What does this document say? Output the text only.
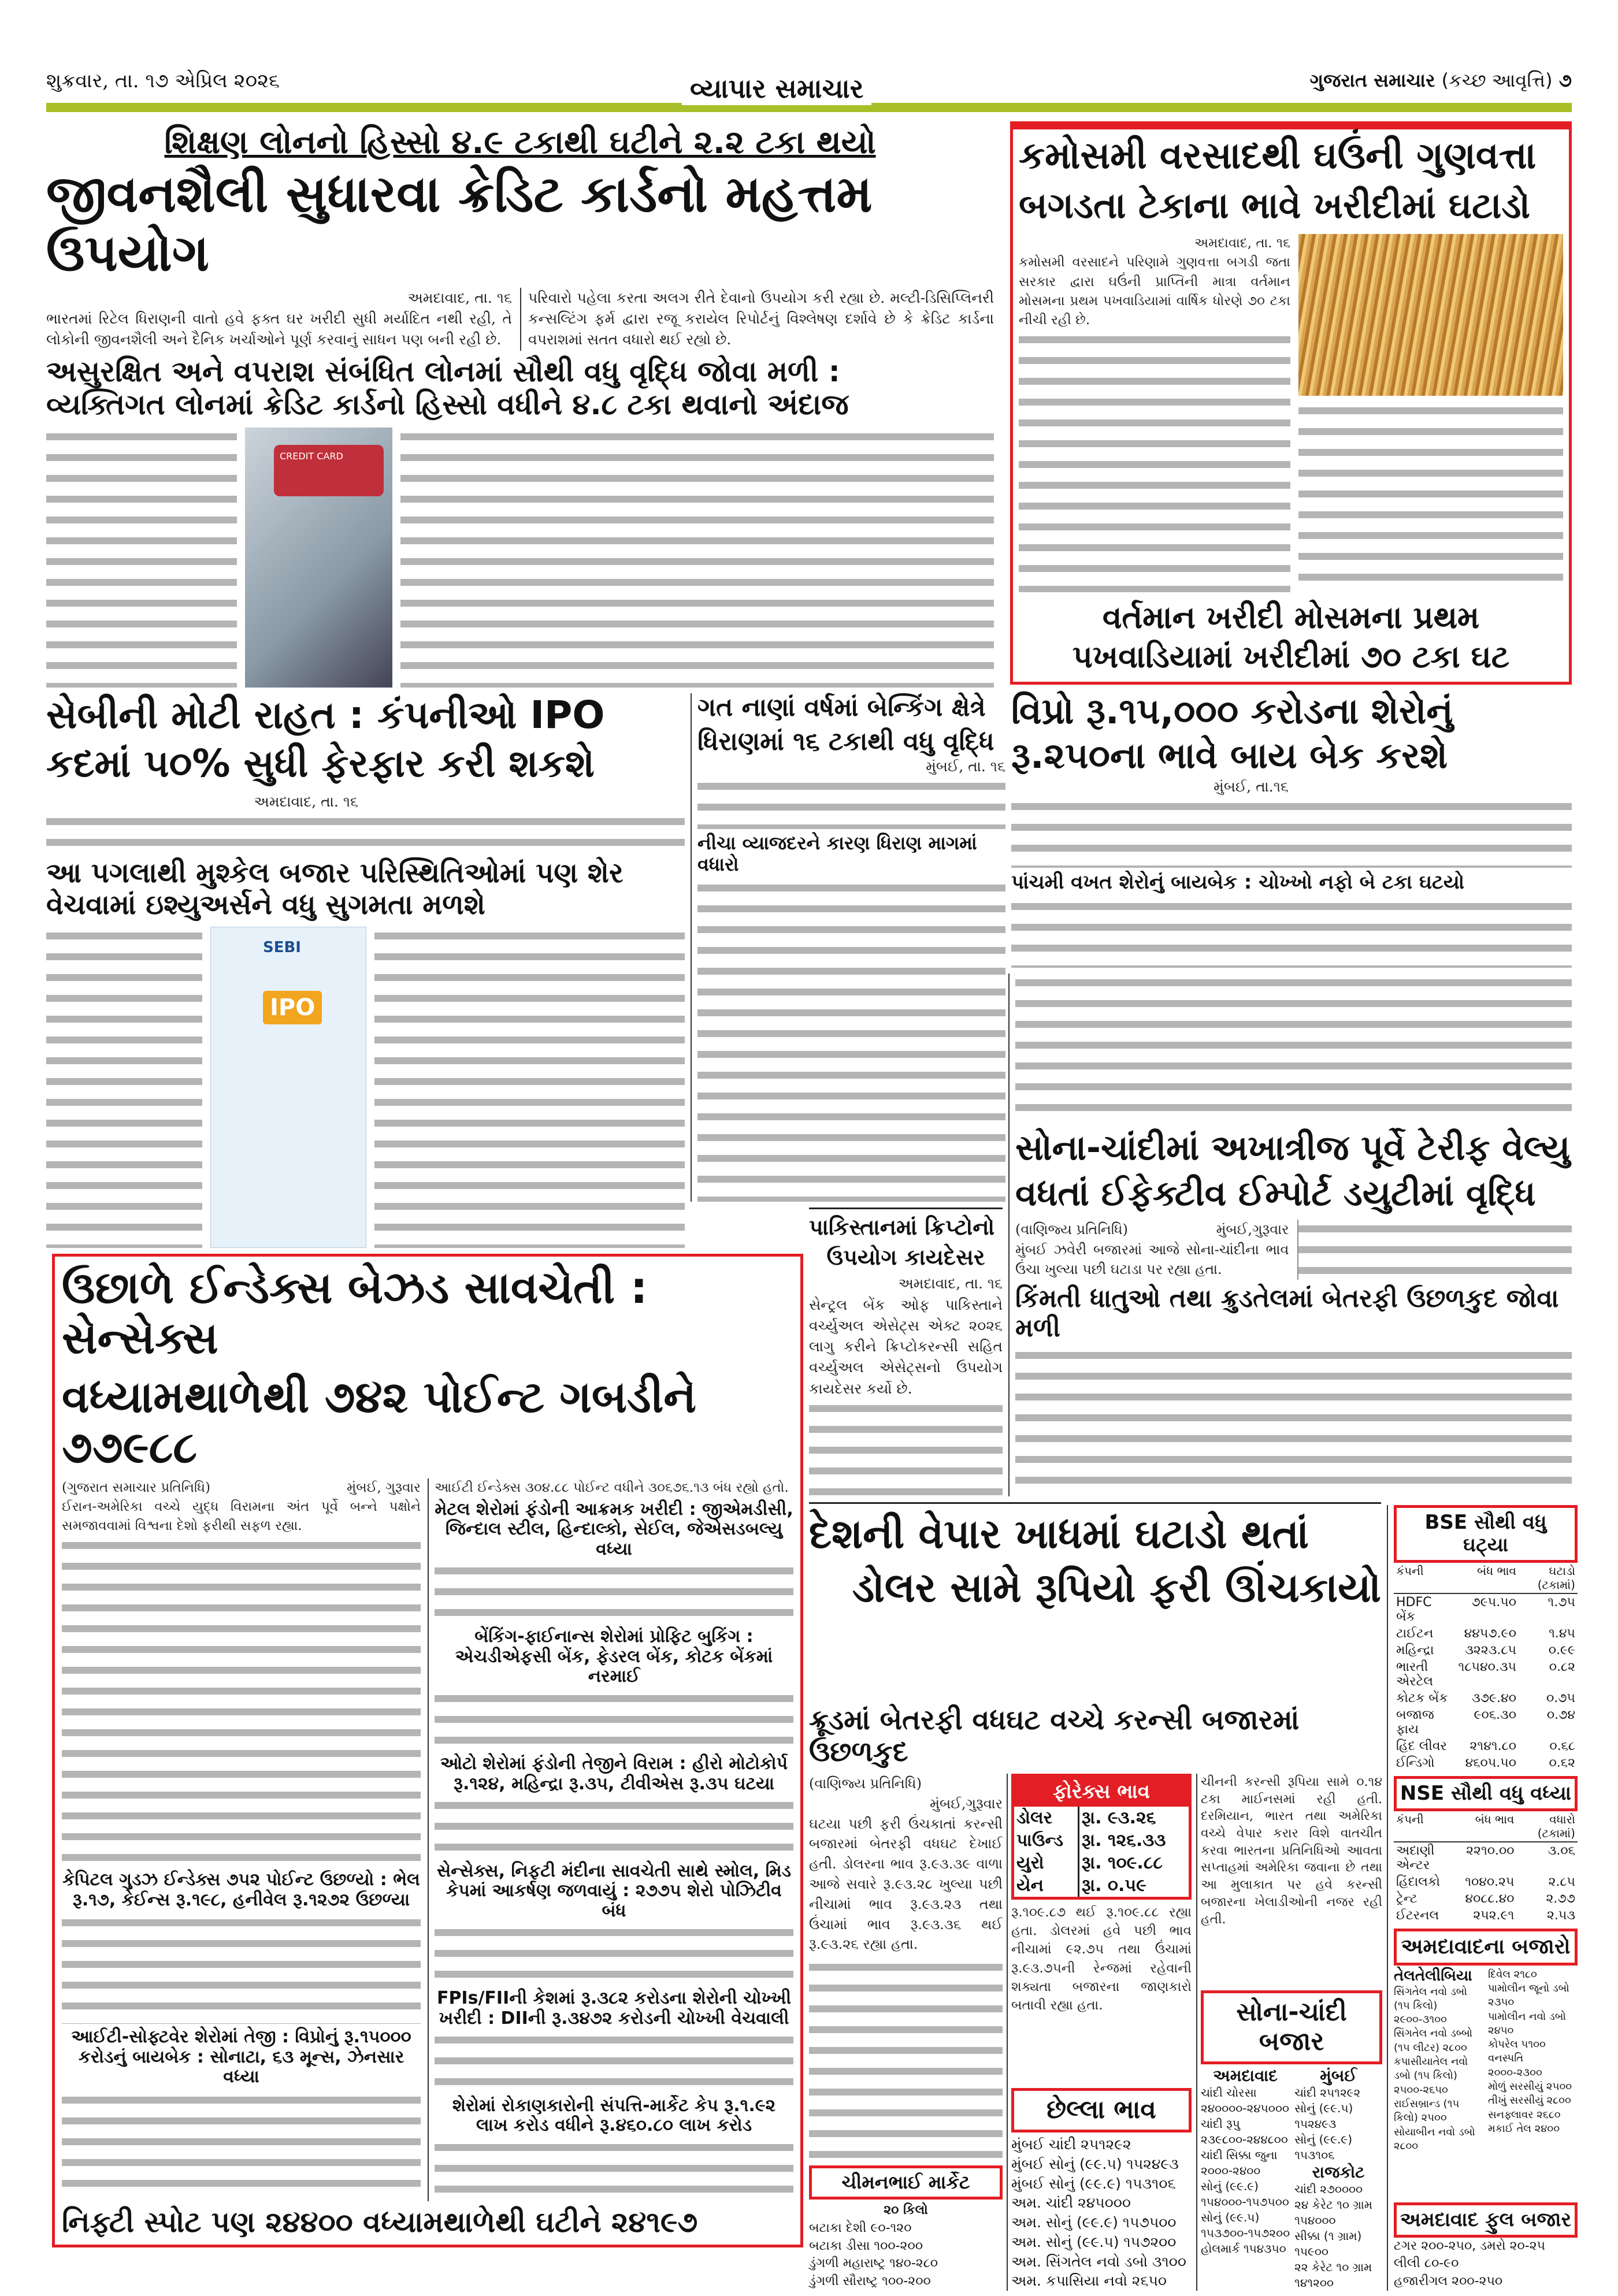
શુક્રવાર, તા. ૧૭ એપ્રિલ ૨૦૨૬	વ્યાપાર સમાચાર	ગુજરાત સમાચાર (કચ્છ આવૃત્તિ) ૭
શિક્ષણ લોનનો હિસ્સો ૪.૯ ટકાથી ઘટીને ૨.૨ ટકા થયો
જીવનશૈલી સુધારવા ક્રેડિટ કાર્ડનો મહત્તમ ઉપયોગ
અમદાવાદ, તા. ૧૬
ભારતમાં રિટેલ ધિરાણની વાતો હવે ફક્ત ઘર ખરીદી સુધી મર્યાદિત નથી રહી, તે લોકોની જીવનશૈલી અને દૈનિક ખર્ચાઓને પૂર્ણ કરવાનું સાધન પણ બની રહી છે.
પરિવારો પહેલા કરતા અલગ રીતે દેવાનો ઉપયોગ કરી રહ્યા છે. મલ્ટી-ડિસિપ્લિનરી કન્સલ્ટિંગ ફર્મ દ્વારા રજૂ કરાયેલ રિપોર્ટનું વિશ્લેષણ દર્શાવે છે કે ક્રેડિટ કાર્ડના વપરાશમાં સતત વધારો થઈ રહ્યો છે.
અસુરક્ષિત અને વપરાશ સંબંધિત લોનમાં સૌથી વધુ વૃદ્ધિ જોવા મળી :
વ્યક્તિગત લોનમાં ક્રેડિટ કાર્ડનો હિસ્સો વધીને ૪.૮ ટકા થવાનો અંદાજ
CREDIT CARD
કમોસમી વરસાદથી ઘઉંની ગુણવત્તા
બગડતા ટેકાના ભાવે ખરીદીમાં ઘટાડો
અમદાવાદ, તા. ૧૬
કમોસમી વરસાદને પરિણામે ગુણવત્તા બગડી જતા સરકાર દ્વારા ઘઉંની પ્રાપ્તિની માત્રા વર્તમાન મોસમના પ્રથમ પખવાડિયામાં વાર્ષિક ધોરણે ૭૦ ટકા નીચી રહી છે.
વર્તમાન ખરીદી મોસમના પ્રથમ પખવાડિયામાં ખરીદીમાં ૭૦ ટકા ઘટ
સેબીની મોટી રાહત : કંપનીઓ IPO
કદમાં ૫૦% સુધી ફેરફાર કરી શકશે
અમદાવાદ, તા. ૧૬
આ પગલાથી મુશ્કેલ બજાર પરિસ્થિતિઓમાં પણ શેર વેચવામાં ઇશ્યુઅર્સને વધુ સુગમતા મળશે
SEBI
IPO
ગત નાણાં વર્ષમાં બેન્કિંગ ક્ષેત્રે
ધિરાણમાં ૧૬ ટકાથી વધુ વૃદ્ધિ
મુંબઈ, તા. ૧૬
નીચા વ્યાજદરને કારણ ધિરાણ માગમાં વધારો
પાકિસ્તાનમાં ક્રિપ્ટોનો
ઉપયોગ કાયદેસર
અમદાવાદ, તા. ૧૬
સેન્ટ્રલ બેંક ઓફ પાકિસ્તાને વર્ચ્યુઅલ એસેટ્સ એક્ટ ૨૦૨૬ લાગુ કરીને ક્રિપ્ટોકરન્સી સહિત વર્ચ્યુઅલ એસેટ્સનો ઉપયોગ કાયદેસર કર્યો છે.
વિપ્રો રૂ.૧૫,૦૦૦ કરોડના શેરોનું
રૂ.૨૫૦ના ભાવે બાય બેક કરશે
મુંબઈ, તા.૧૬
પાંચમી વખત શેરોનું બાયબેક : ચોખ્ખો નફો બે ટકા ઘટયો
સોના-ચાંદીમાં અખાત્રીજ પૂર્વે ટેરીફ વેલ્યુ
વધતાં ઈફેક્ટીવ ઈમ્પોર્ટ ડયુટીમાં વૃદ્ધિ
(વાણિજ્ય પ્રતિનિધિ)	મુંબઈ,ગુરૂવાર
મુંબઈ ઝવેરી બજારમાં આજે સોના-ચાંદીના ભાવ ઉંચા ખુલ્યા પછી ઘટાડા પર રહ્યા હતા.
કિંમતી ધાતુઓ તથા ક્રુડતેલમાં બેતરફી ઉછળકુદ જોવા મળી
ઉછાળે ઈન્ડેક્સ બેઝડ સાવચેતી : સેન્સેક્સ
વધ્યામથાળેથી ૭૪૨ પોઈન્ટ ગબડીને ૭૭૯૮૮
(ગુજરાત સમાચાર પ્રતિનિધિ)	મુંબઈ, ગુરૂવાર
ઈરાન-અમેરિકા વચ્ચે યુદ્ધ વિરામના અંત પૂર્વે બન્ને પક્ષોને સમજાવવામાં વિશ્વના દેશો ફરીથી સફળ રહ્યા.
કેપિટલ ગુડઝ ઈન્ડેક્સ ૭૫૨ પોઈન્ટ ઉછળ્યો : ભેલ રૂ.૧૭, કેઈન્સ રૂ.૧૯૮, હનીવેલ રૂ.૧૨૭૨ ઉછળ્યા
આઈટી-સોફ્ટવેર શેરોમાં તેજી : વિપ્રોનું રૂ.૧૫૦૦૦ કરોડનું બાયબેક : સોનાટા, ૬૩ મૂન્સ, ઝેનસાર વધ્યા
આઈટી ઈન્ડેક્સ ૩૦૪.૮૮ પોઈન્ટ વધીને ૩૦૬૭૬.૧૩ બંધ રહ્યો હતો.
મેટલ શેરોમાં ફંડોની આક્રમક ખરીદી : જીએમડીસી, જિન્દાલ સ્ટીલ, હિન્દાલ્કો, સેઈલ, જેએસડબલ્યુ વધ્યા
બેંકિંગ-ફાઈનાન્સ શેરોમાં પ્રોફિટ બુકિંગ : એચડીએફસી બેંક, ફેડરલ બેંક, કોટક બેંકમાં નરમાઈ
ઓટો શેરોમાં ફંડોની તેજીને વિરામ : હીરો મોટોકોર્પ રૂ.૧૨૪, મહિન્દ્રા રૂ.૩૫, ટીવીએસ રૂ.૩૫ ઘટયા
સેન્સેક્સ, નિફટી મંદીના સાવચેતી સાથે સ્મોલ, મિડ કેપમાં આકર્ષણ જળવાયું : ૨૭૭૫ શેરો પોઝિટીવ બંધ
FPIs/FIIની કેશમાં રૂ.૩૮૨ કરોડના શેરોની ચોખ્ખી ખરીદી : DIIની રૂ.૩૪૭૨ કરોડની ચોખ્ખી વેચવાલી
શેરોમાં રોકાણકારોની સંપત્તિ-માર્કેટ કેપ રૂ.૧.૯૨ લાખ કરોડ વધીને રૂ.૪૬૦.૮૦ લાખ કરોડ
નિફ્ટી સ્પોટ પણ ૨૪૪૦૦ વધ્યામથાળેથી ઘટીને ૨૪૧૯૭
દેશની વેપાર ખાધમાં ઘટાડો થતાં
ડોલર સામે રૂપિયો ફરી ઊંચકાયો
ક્રૂડમાં બેતરફી વધઘટ વચ્ચે કરન્સી બજારમાં ઉછળકુદ
(વાણિજ્ય પ્રતિનિધિ)
મુંબઈ,ગુરૂવાર
ઘટયા પછી ફરી ઉંચકાતાં કરન્સી બજારમાં બેતરફી વધઘટ દેખાઈ હતી. ડોલરના ભાવ રૂ.૯૩.૩૯ વાળા આજે સવારે રૂ.૯૩.૨૮ ખુલ્યા પછી નીચામાં ભાવ રૂ.૯૩.૨૩ તથા ઉંચામાં ભાવ રૂ.૯૩.૩૬ થઈ રૂ.૯૩.૨૬ રહ્યા હતા.
ચીમનભાઈ માર્કેટ
૨૦ કિલો
બટાકા દેશી ૯૦-૧૨૦
બટાકા ડીસા ૧૦૦-૨૦૦
ડુંગળી મહારાષ્ટ્ર ૧૪૦-૨૮૦
ડુંગળી સૌરાષ્ટ્ર ૧૦૦-૨૦૦
ફોરેક્સ ભાવ
ડોલર	રૂા. ૯૩.૨૬
પાઉન્ડ	રૂા. ૧૨૬.૩૩
યુરો	રૂા. ૧૦૯.૮૮
યેન	રૂા. ૦.૫૯
રૂ.૧૦૯.૮૭ થઈ રૂ.૧૦૯.૮૮ રહ્યા હતા. ડોલરમાં હવે પછી ભાવ નીચામાં ૯૨.૭૫ તથા ઉંચામાં રૂ.૯૩.૭૫ની રેન્જમાં રહેવાની શક્યતા બજારના જાણકારો બતાવી રહ્યા હતા.
છેલ્લા ભાવ
મુંબઈ ચાંદી ૨૫૧૨૯૨
મુંબઈ સોનું (૯૯.૫) ૧૫૨૪૯૩
મુંબઈ સોનું (૯૯.૯) ૧૫૩૧૦૬
અમ. ચાંદી ૨૪૫૦૦૦
અમ. સોનું (૯૯.૯) ૧૫૭૫૦૦
અમ. સોનું (૯૯.૫) ૧૫૭૨૦૦
અમ. સિંગતેલ નવો ડબો ૩૧૦૦
અમ. કપાસિયા નવો ૨૬૫૦
ચીનની કરન્સી રૂપિયા સામે ૦.૧૪ ટકા માઈનસમાં રહી હતી. દરમિયાન, ભારત તથા અમેરિકા વચ્ચે વેપાર કરાર વિશે વાતચીત કરવા ભારતના પ્રતિનિધિઓ આવતા સપ્તાહમાં અમેરિકા જવાના છે તથા આ મુલાકાત પર હવે કરન્સી બજારના ખેલાડીઓની નજર રહી હતી.
સોના-ચાંદી બજાર
અમદાવાદ
ચાંદી ચોરસા ૨૪૦૦૦૦-૨૪૫૦૦૦
ચાંદી રૂપુ ૨૩૯૮૦૦-૨૪૪૮૦૦
ચાંદી સિક્કા જુના ૨૦૦૦-૨૪૦૦
સોનું (૯૯.૯) ૧૫૪૦૦૦-૧૫૭૫૦૦
સોનું (૯૯.૫) ૧૫૩૭૦૦-૧૫૭૨૦૦
હોલમાર્ક ૧૫૪૩૫૦
મુંબઈ
ચાંદી ૨૫૧૨૯૨
સોનું (૯૯.૫) ૧૫૨૪૯૩
સોનું (૯૯.૯) ૧૫૩૧૦૬
રાજકોટ
ચાંદી ૨૭૦૦૦૦
૨૪ કેરેટ ૧૦ ગ્રામ ૧૫૪૦૦૦
સીક્કા (૧ ગ્રામ) ૧૫૯૦૦
૨૨ કેરેટ ૧૦ ગ્રામ ૧૪૧૨૦૦
BSE સૌથી વધુ ઘટ્યા
કંપની	બંધ ભાવ	ઘટાડો (ટકામાં)
HDFC બેંક	૭૯૫.૫૦	૧.૭૫
ટાઈટન	૪૪૫૭.૯૦	૧.૪૫
મહિન્દ્રા	૩૨૨૩.૮૫	૦.૯૯
ભારતી એરટેલ	૧૮૫૪૦.૩૫	૦.૮૨
કોટક બેંક	૩૭૯.૪૦	૦.૭૫
બજાજ ફાય	૯૦૬.૩૦	૦.૭૪
હિંદ લીવર	૨૧૪૧.૮૦	૦.૬૮
ઈન્ડિગો	૪૬૦૫.૫૦	૦.૬૨
NSE સૌથી વધુ વધ્યા
કંપની	બંધ ભાવ	વધારો (ટકામાં)
અદાણી એન્ટર	૨૨૧૦.૦૦	૩.૦૬
હિંદાલકો	૧૦૪૦.૨૫	૨.૮૫
ટ્રેન્ટ	૪૦૮૮.૪૦	૨.૭૭
ઈટરનલ	૨૫૨.૯૧	૨.૫૩
અમદાવાદના બજારો
તેલતેલીબિયા
સિંગતેલ નવો ડબો (૧૫ કિલો) ૨૯૦૦-૩૧૦૦
સિંગતેલ નવો ડબ્બો (૧૫ લીટર) ૨૮૦૦
કપાસીયાતેલ નવો ડબો (૧૫ કિલો) ૨૫૦૦-૨૬૫૦
રાઈસબ્રાન્ડ (૧૫ કિલો) ૨૫૦૦
સોયાબીન નવો ડબો ૨૮૦૦
દિવેલ ૨૧૮૦
પામોલીન જૂનો ડબો ૨૩૫૦
પામોલીન નવો ડબો ૨૪૫૦
કોપરેલ ૫૧૦૦
વનસ્પતિ ૨૦૦૦-૨૩૦૦
મોળું સરસીયું ૨૫૦૦
તીખું સરસીયું ૨૮૦૦
સનફ્લાવર ૨૬૮૦
મકાઈ તેલ ૨૪૦૦
અમદાવાદ ફુલ બજાર
ટગર ૨૦૦-૨૫૦, ડમરો ૨૦-૨૫
લીલી ૮૦-૯૦
હજારીગલ ૨૦૦-૨૫૦
